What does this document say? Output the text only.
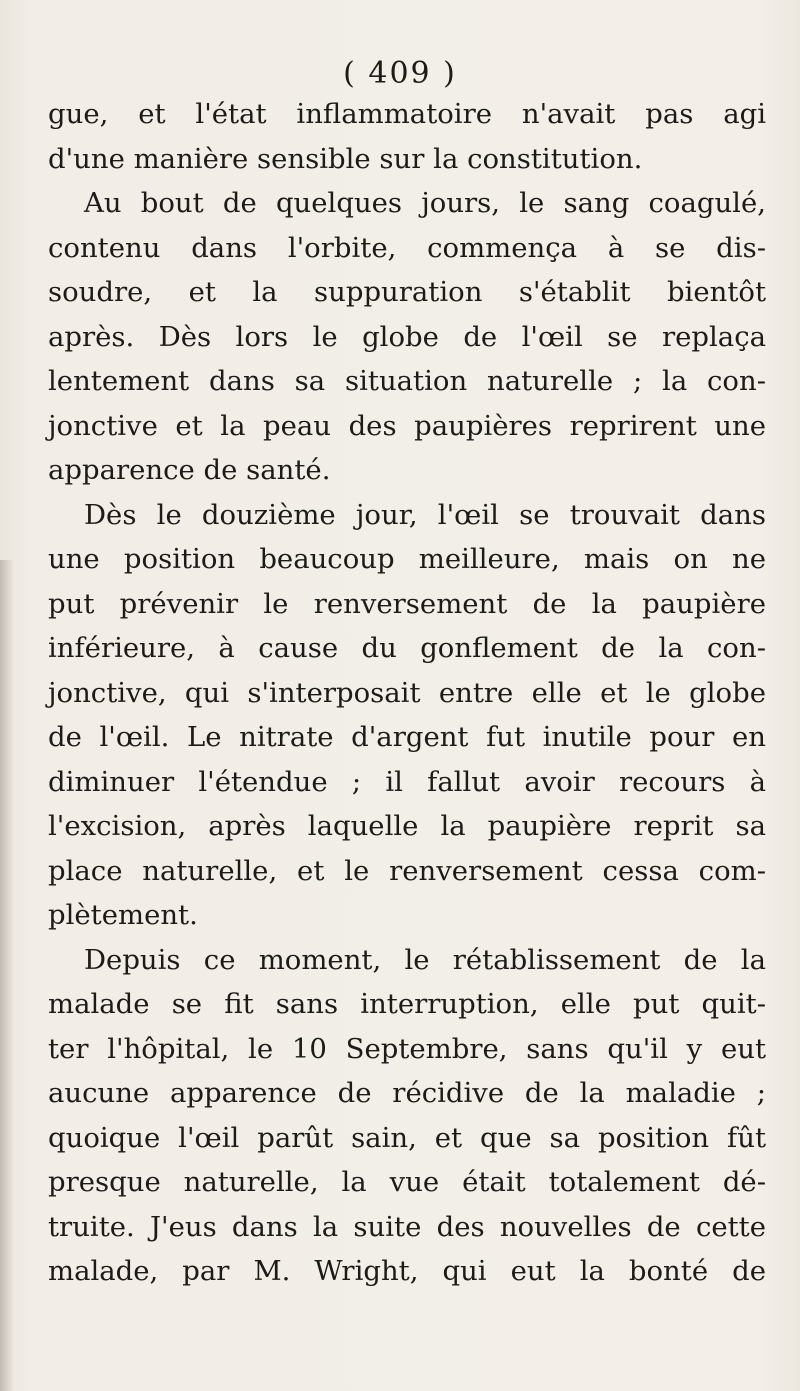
( 409 )
gue, et l'état inflammatoire n'avait pas agi
d'une manière sensible sur la constitution.
Au bout de quelques jours, le sang coagulé,
contenu dans l'orbite, commença à se dis-
soudre, et la suppuration s'établit bientôt
après. Dès lors le globe de l'œil se replaça
lentement dans sa situation naturelle ; la con-
jonctive et la peau des paupières reprirent une
apparence de santé.
Dès le douzième jour, l'œil se trouvait dans
une position beaucoup meilleure, mais on ne
put prévenir le renversement de la paupière
inférieure, à cause du gonflement de la con-
jonctive, qui s'interposait entre elle et le globe
de l'œil. Le nitrate d'argent fut inutile pour en
diminuer l'étendue ; il fallut avoir recours à
l'excision, après laquelle la paupière reprit sa
place naturelle, et le renversement cessa com-
plètement.
Depuis ce moment, le rétablissement de la
malade se fit sans interruption, elle put quit-
ter l'hôpital, le 10 Septembre, sans qu'il y eut
aucune apparence de récidive de la maladie ;
quoique l'œil parût sain, et que sa position fût
presque naturelle, la vue était totalement dé-
truite. J'eus dans la suite des nouvelles de cette
malade, par M. Wright, qui eut la bonté de
